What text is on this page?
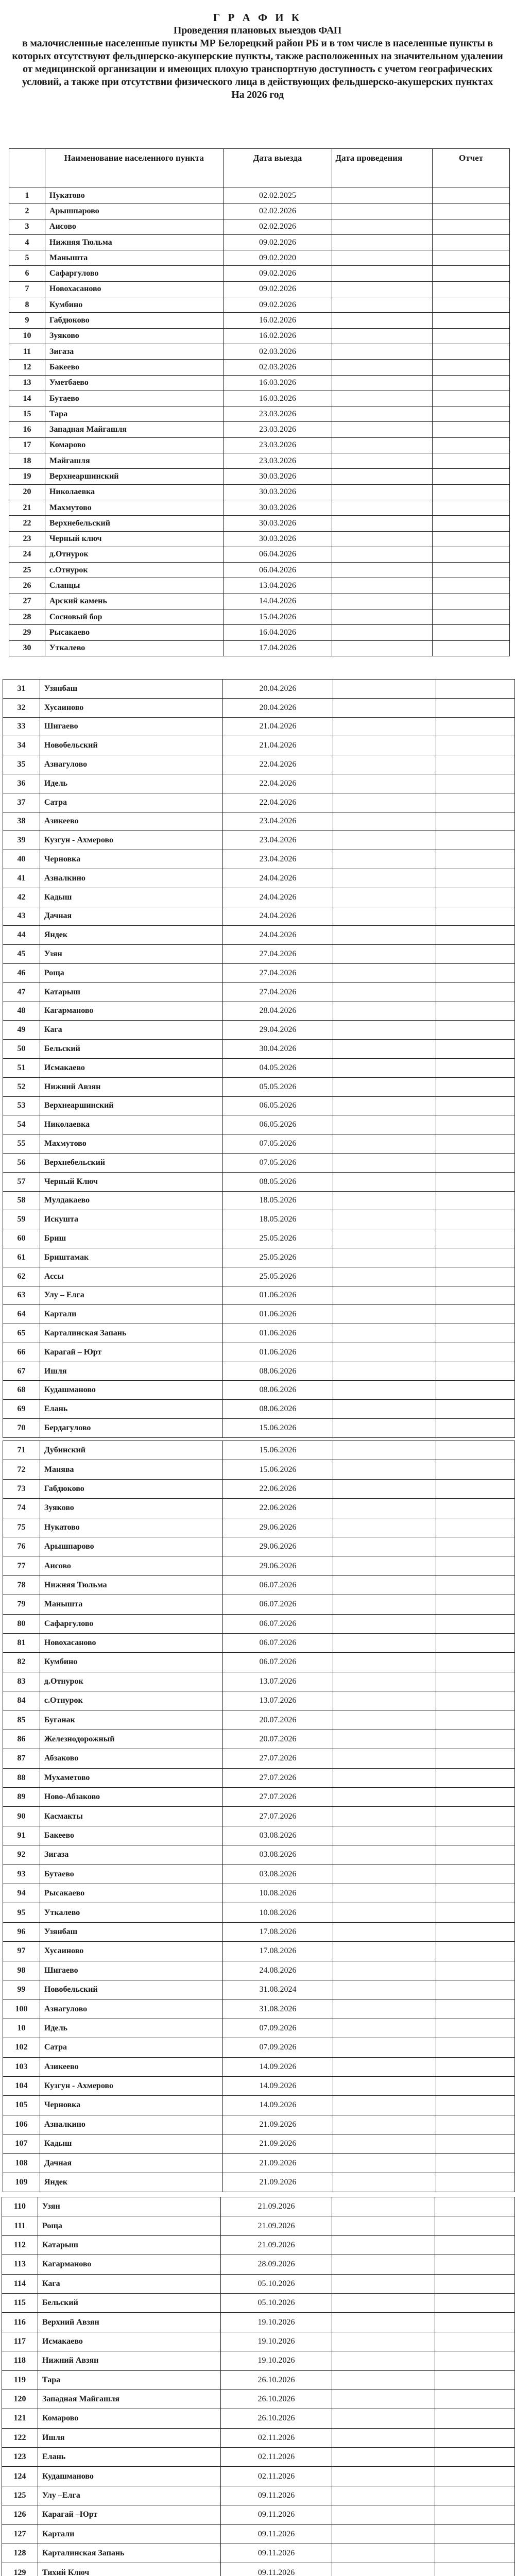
Г Р А Ф И К
Проведения плановых выездов ФАП
в малочисленные населенные пункты МР Белорецкий район РБ и в том числе в населенные пункты в которых отсутствуют фельдшерско-акушерские пункты, также расположенных на значительном удалении от медицинской организации и имеющих плохую транспортную доступность с учетом географических условий, а также при отсутствии физического лица в действующих фельдшерско-акушерских пунктах
На 2026 год
	Наименование населенного пункта	Дата выезда	Дата проведения	Отчет
1	Нукатово	02.02.2025		
2	Арышпарово	02.02.2026		
3	Аисово	02.02.2026		
4	Нижняя Тюльма	09.02.2026		
5	Манышта	09.02.2020		
6	Сафаргулово	09.02.2026		
7	Новохасаново	09.02.2026		
8	Кумбино	09.02.2026		
9	Габдюково	16.02.2026		
10	Зуяково	16.02.2026		
11	Зигаза	02.03.2026		
12	Бакеево	02.03.2026		
13	Уметбаево	16.03.2026		
14	Бутаево	16.03.2026		
15	Тара	23.03.2026		
16	Западная Майгашля	23.03.2026		
17	Комарово	23.03.2026		
18	Майгашля	23.03.2026		
19	Верхнеаршинский	30.03.2026		
20	Николаевка	30.03.2026		
21	Махмутово	30.03.2026		
22	Верхнебельский	30.03.2026		
23	Черный ключ	30.03.2026		
24	д.Отнурок	06.04.2026		
25	с.Отнурок	06.04.2026		
26	Сланцы	13.04.2026		
27	Арский камень	14.04.2026		
28	Сосновый бор	15.04.2026		
29	Рысакаево	16.04.2026		
30	Уткалево	17.04.2026		
31	Узянбаш	20.04.2026		
32	Хусаиново	20.04.2026		
33	Шигаево	21.04.2026		
34	Новобельский	21.04.2026		
35	Азнагулово	22.04.2026		
36	Идель	22.04.2026		
37	Сатра	22.04.2026		
38	Азикеево	23.04.2026		
39	Кузгун - Ахмерово	23.04.2026		
40	Черновка	23.04.2026		
41	Азналкино	24.04.2026		
42	Кадыш	24.04.2026		
43	Дачная	24.04.2026		
44	Яндек	24.04.2026		
45	Узян	27.04.2026		
46	Роща	27.04.2026		
47	Катарыш	27.04.2026		
48	Кагарманово	28.04.2026		
49	Кага	29.04.2026		
50	Бельский	30.04.2026		
51	Исмакаево	04.05.2026		
52	Нижний Авзян	05.05.2026		
53	Верхнеаршинский	06.05.2026		
54	Николаевка	06.05.2026		
55	Махмутово	07.05.2026		
56	Верхнебельский	07.05.2026		
57	Черный Ключ	08.05.2026		
58	Мулдакаево	18.05.2026		
59	Искушта	18.05.2026		
60	Бриш	25.05.2026		
61	Бриштамак	25.05.2026		
62	Ассы	25.05.2026		
63	Улу – Елга	01.06.2026		
64	Картали	01.06.2026		
65	Карталинская Запань	01.06.2026		
66	Карагай – Юрт	01.06.2026		
67	Ишля	08.06.2026		
68	Кудашманово	08.06.2026		
69	Елань	08.06.2026		
70	Бердагулово	15.06.2026		
71	Дубинский	15.06.2026		
72	Манява	15.06.2026		
73	Габдюково	22.06.2026		
74	Зуяково	22.06.2026		
75	Нукатово	29.06.2026		
76	Арышпарово	29.06.2026		
77	Аисово	29.06.2026		
78	Нижняя Тюльма	06.07.2026		
79	Манышта	06.07.2026		
80	Сафаргулово	06.07.2026		
81	Новохасаново	06.07.2026		
82	Кумбино	06.07.2026		
83	д.Отнурок	13.07.2026		
84	с.Отнурок	13.07.2026		
85	Буганак	20.07.2026		
86	Железнодорожный	20.07.2026		
87	Абзаково	27.07.2026		
88	Мухаметово	27.07.2026		
89	Ново-Абзаково	27.07.2026		
90	Касмакты	27.07.2026		
91	Бакеево	03.08.2026		
92	Зигаза	03.08.2026		
93	Бутаево	03.08.2026		
94	Рысакаево	10.08.2026		
95	Уткалево	10.08.2026		
96	Узянбаш	17.08.2026		
97	Хусаиново	17.08.2026		
98	Шигаево	24.08.2026		
99	Новобельский	31.08.2024		
100	Азнагулово	31.08.2026		
10	Идель	07.09.2026		
102	Сатра	07.09.2026		
103	Азикеево	14.09.2026		
104	Кузгун - Ахмерово	14.09.2026		
105	Черновка	14.09.2026		
106	Азналкино	21.09.2026		
107	Кадыш	21.09.2026		
108	Дачная	21.09.2026		
109	Яндек	21.09.2026		
110	Узян	21.09.2026		
111	Роща	21.09.2026		
112	Катарыш	21.09.2026		
113	Кагарманово	28.09.2026		
114	Кага	05.10.2026		
115	Бельский	05.10.2026		
116	Верхний Авзян	19.10.2026		
117	Исмакаево	19.10.2026		
118	Нижний Авзян	19.10.2026		
119	Тара	26.10.2026		
120	Западная Майгашля	26.10.2026		
121	Комарово	26.10.2026		
122	Ишля	02.11.2026		
123	Елань	02.11.2026		
124	Кудашманово	02.11.2026		
125	Улу –Елга	09.11.2026		
126	Карагай –Юрт	09.11.2026		
127	Картали	09.11.2026		
128	Карталинская Запань	09.11.2026		
129	Тихий Ключ	09.11.2026		
